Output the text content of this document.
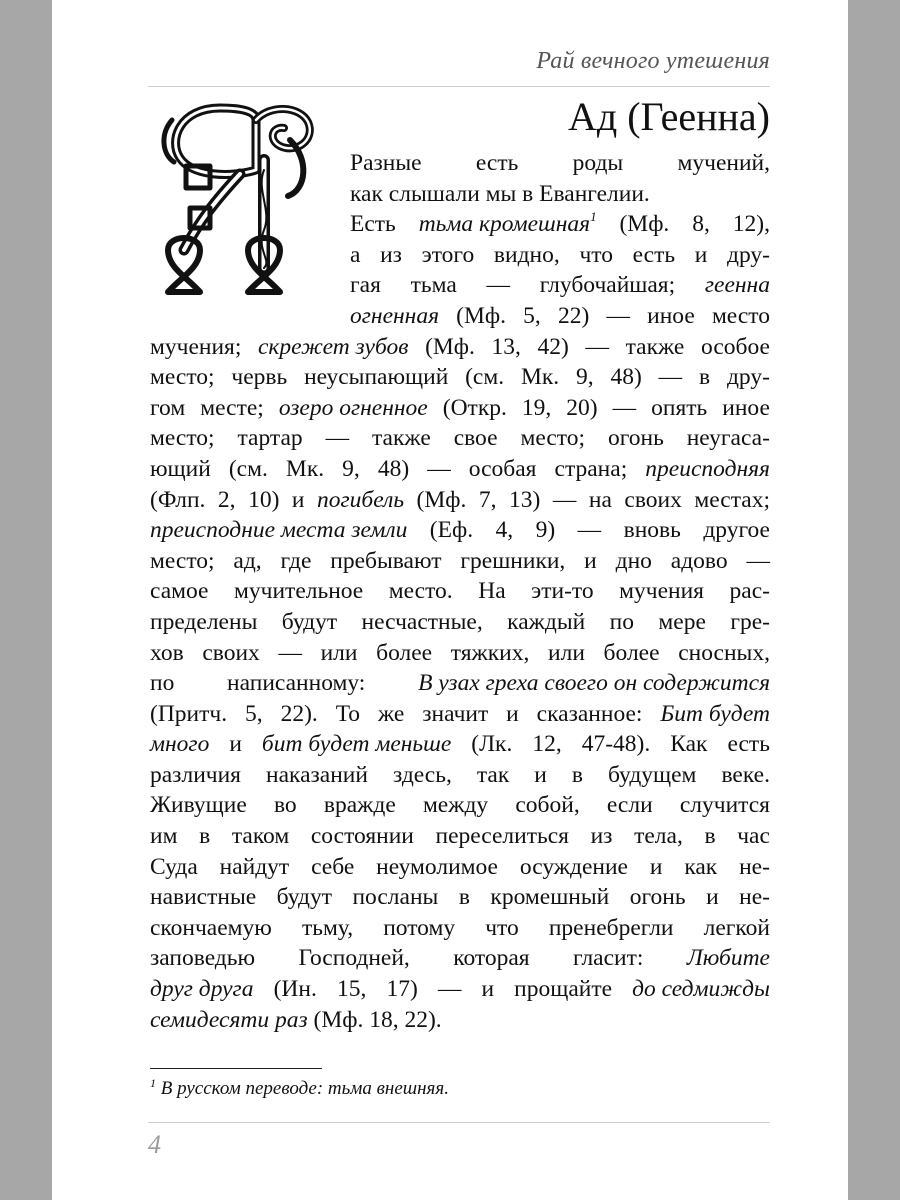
Рай вечного утешения
Ад (Геенна)
Разные есть роды мучений,
как слышали мы в Евангелии.
Есть тьма кромешная$^1$ (Мф. 8, 12),
а из этого видно, что есть и дру-
гая тьма — глубочайшая; геенна
огненная (Мф. 5, 22) — иное место
мучения; скрежет зубов (Мф. 13, 42) — также особое
место; червь неусыпающий (см. Мк. 9, 48) — в дру-
гом месте; озеро огненное (Откр. 19, 20) — опять иное
место; тартар — также свое место; огонь неугаса-
ющий (см. Мк. 9, 48) — особая страна; преисподняя
(Флп. 2, 10) и погибель (Мф. 7, 13) — на своих местах;
преисподние места земли (Еф. 4, 9) — вновь другое
место; ад, где пребывают грешники, и дно адово —
самое мучительное место. На эти-то мучения рас-
пределены будут несчастные, каждый по мере гре-
хов своих — или более тяжких, или более сносных,
по написанному: В узах греха своего он содержится
(Притч. 5, 22). То же значит и сказанное: Бит будет
много и бит будет меньше (Лк. 12, 47-48). Как есть
различия наказаний здесь, так и в будущем веке.
Живущие во вражде между собой, если случится
им в таком состоянии переселиться из тела, в час
Суда найдут себе неумолимое осуждение и как не-
навистные будут посланы в кромешный огонь и не-
скончаемую тьму, потому что пренебрегли легкой
заповедью Господней, которая гласит: Любите
друг друга (Ин. 15, 17) — и прощайте до седмижды
семидесяти раз
(Мф. 18, 22).
$^1$ В русском переводе: тьма внешняя.
4
